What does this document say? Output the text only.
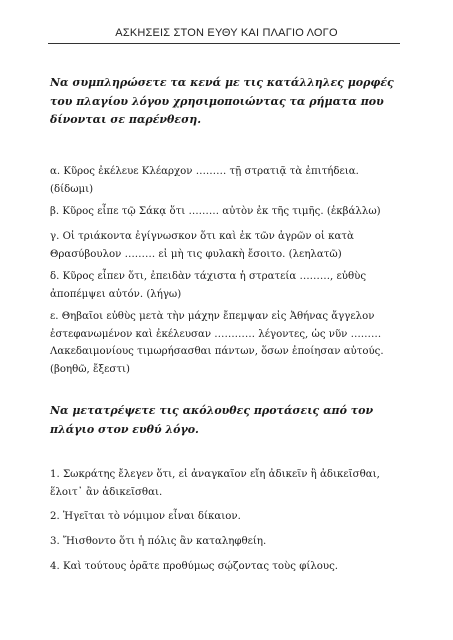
ΑΣΚΗΣΕΙΣ ΣΤΟΝ ΕΥΘΥ ΚΑΙ ΠΛΑΓΙΟ ΛΟΓΟ
Να συμπληρώσετε τα κενά με τις κατάλληλες μορφές του πλαγίου λόγου χρησιμοποιώντας τα ρήματα που δίνονται σε παρένθεση.
α. Κῦρος ἐκέλευε Κλέαρχον ……… τῇ στρατιᾷ τὰ ἐπιτήδεια. (δίδωμι)
β. Κῦρος εἶπε τῷ Σάκᾳ ὅτι ……… αὐτὸν ἐκ τῆς τιμῆς. (ἐκβάλλω)
γ. Οἱ τριάκοντα ἐγίγνωσκον ὅτι καὶ ἐκ τῶν ἀγρῶν οἱ κατὰ Θρασύβουλον ……… εἰ μὴ τις φυλακὴ ἔσοιτο. (λεηλατῶ)
δ. Κῦρος εἶπεν ὅτι, ἐπειδὰν τάχιστα ἡ στρατεία ………, εὐθὺς ἀποπέμψει αὐτόν. (λήγω)
ε. Θηβαῖοι εὐθὺς μετὰ τὴν μάχην ἔπεμψαν εἰς Ἀθήνας ἄγγελον ἐστεφανωμένον καὶ ἐκέλευσαν ………… λέγοντες, ὡς νῦν ……… Λακεδαιμονίους τιμωρήσασθαι πάντων, ὅσων ἐποίησαν αὐτούς. (βοηθῶ, ἔξεστι)
Να μετατρέψετε τις ακόλουθες προτάσεις από τον πλάγιο στον ευθύ λόγο.
1. Σωκράτης ἔλεγεν ὅτι, εἰ ἀναγκαῖον εἴη ἀδικεῖν ἢ ἀδικεῖσθαι, ἕλοιτ᾽ ἂν ἀδικεῖσθαι.
2. Ἡγεῖται τὸ νόμιμον εἶναι δίκαιον.
3. Ἤισθοντο ὅτι ἡ πόλις ἂν καταληφθείη.
4. Καὶ τούτους ὁρᾶτε προθύμως σῴζοντας τοὺς φίλους.
